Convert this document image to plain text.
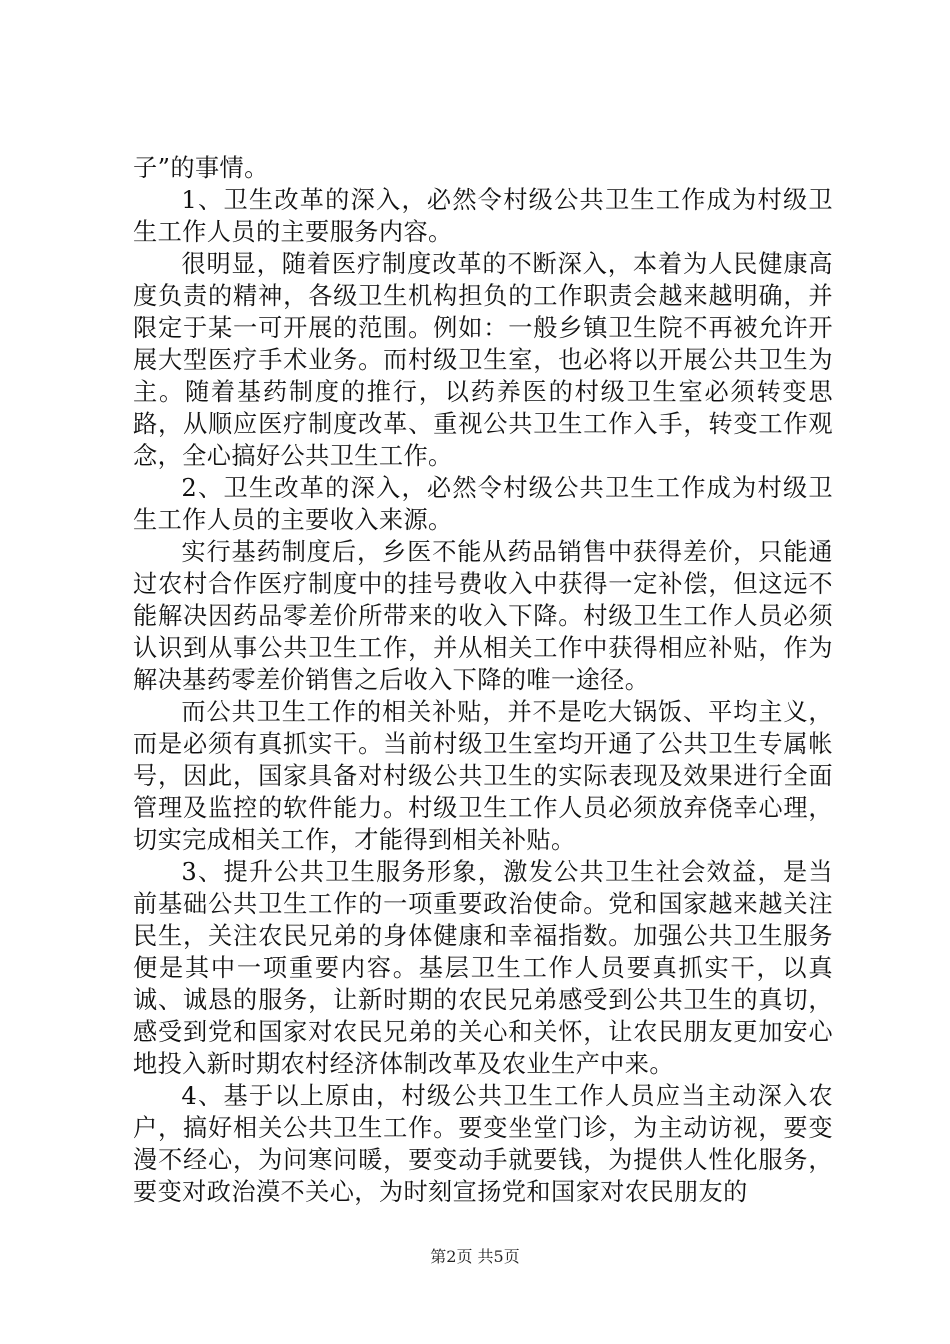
子”的事情。

1、卫生改革的深入，必然令村级公共卫生工作成为村级卫生工作人员的主要服务内容。

很明显，随着医疗制度改革的不断深入，本着为人民健康高度负责的精神，各级卫生机构担负的工作职责会越来越明确，并限定于某一可开展的范围。例如：一般乡镇卫生院不再被允许开展大型医疗手术业务。而村级卫生室，也必将以开展公共卫生为主。随着基药制度的推行，以药养医的村级卫生室必须转变思路，从顺应医疗制度改革、重视公共卫生工作入手，转变工作观念，全心搞好公共卫生工作。

2、卫生改革的深入，必然令村级公共卫生工作成为村级卫生工作人员的主要收入来源。

实行基药制度后，乡医不能从药品销售中获得差价，只能通过农村合作医疗制度中的挂号费收入中获得一定补偿，但这远不能解决因药品零差价所带来的收入下降。村级卫生工作人员必须认识到从事公共卫生工作，并从相关工作中获得相应补贴，作为解决基药零差价销售之后收入下降的唯一途径。

而公共卫生工作的相关补贴，并不是吃大锅饭、平均主义，而是必须有真抓实干。当前村级卫生室均开通了公共卫生专属帐号，因此，国家具备对村级公共卫生的实际表现及效果进行全面管理及监控的软件能力。村级卫生工作人员必须放弃侥幸心理，切实完成相关工作，才能得到相关补贴。

3、提升公共卫生服务形象，激发公共卫生社会效益，是当前基础公共卫生工作的一项重要政治使命。党和国家越来越关注民生，关注农民兄弟的身体健康和幸福指数。加强公共卫生服务便是其中一项重要内容。基层卫生工作人员要真抓实干，以真诚、诚恳的服务，让新时期的农民兄弟感受到公共卫生的真切，感受到党和国家对农民兄弟的关心和关怀，让农民朋友更加安心地投入新时期农村经济体制改革及农业生产中来。

4、基于以上原由，村级公共卫生工作人员应当主动深入农户，搞好相关公共卫生工作。要变坐堂门诊，为主动访视，要变漫不经心，为问寒问暖，要变动手就要钱，为提供人性化服务，要变对政治漠不关心，为时刻宣扬党和国家对农民朋友的

第2页 共5页
